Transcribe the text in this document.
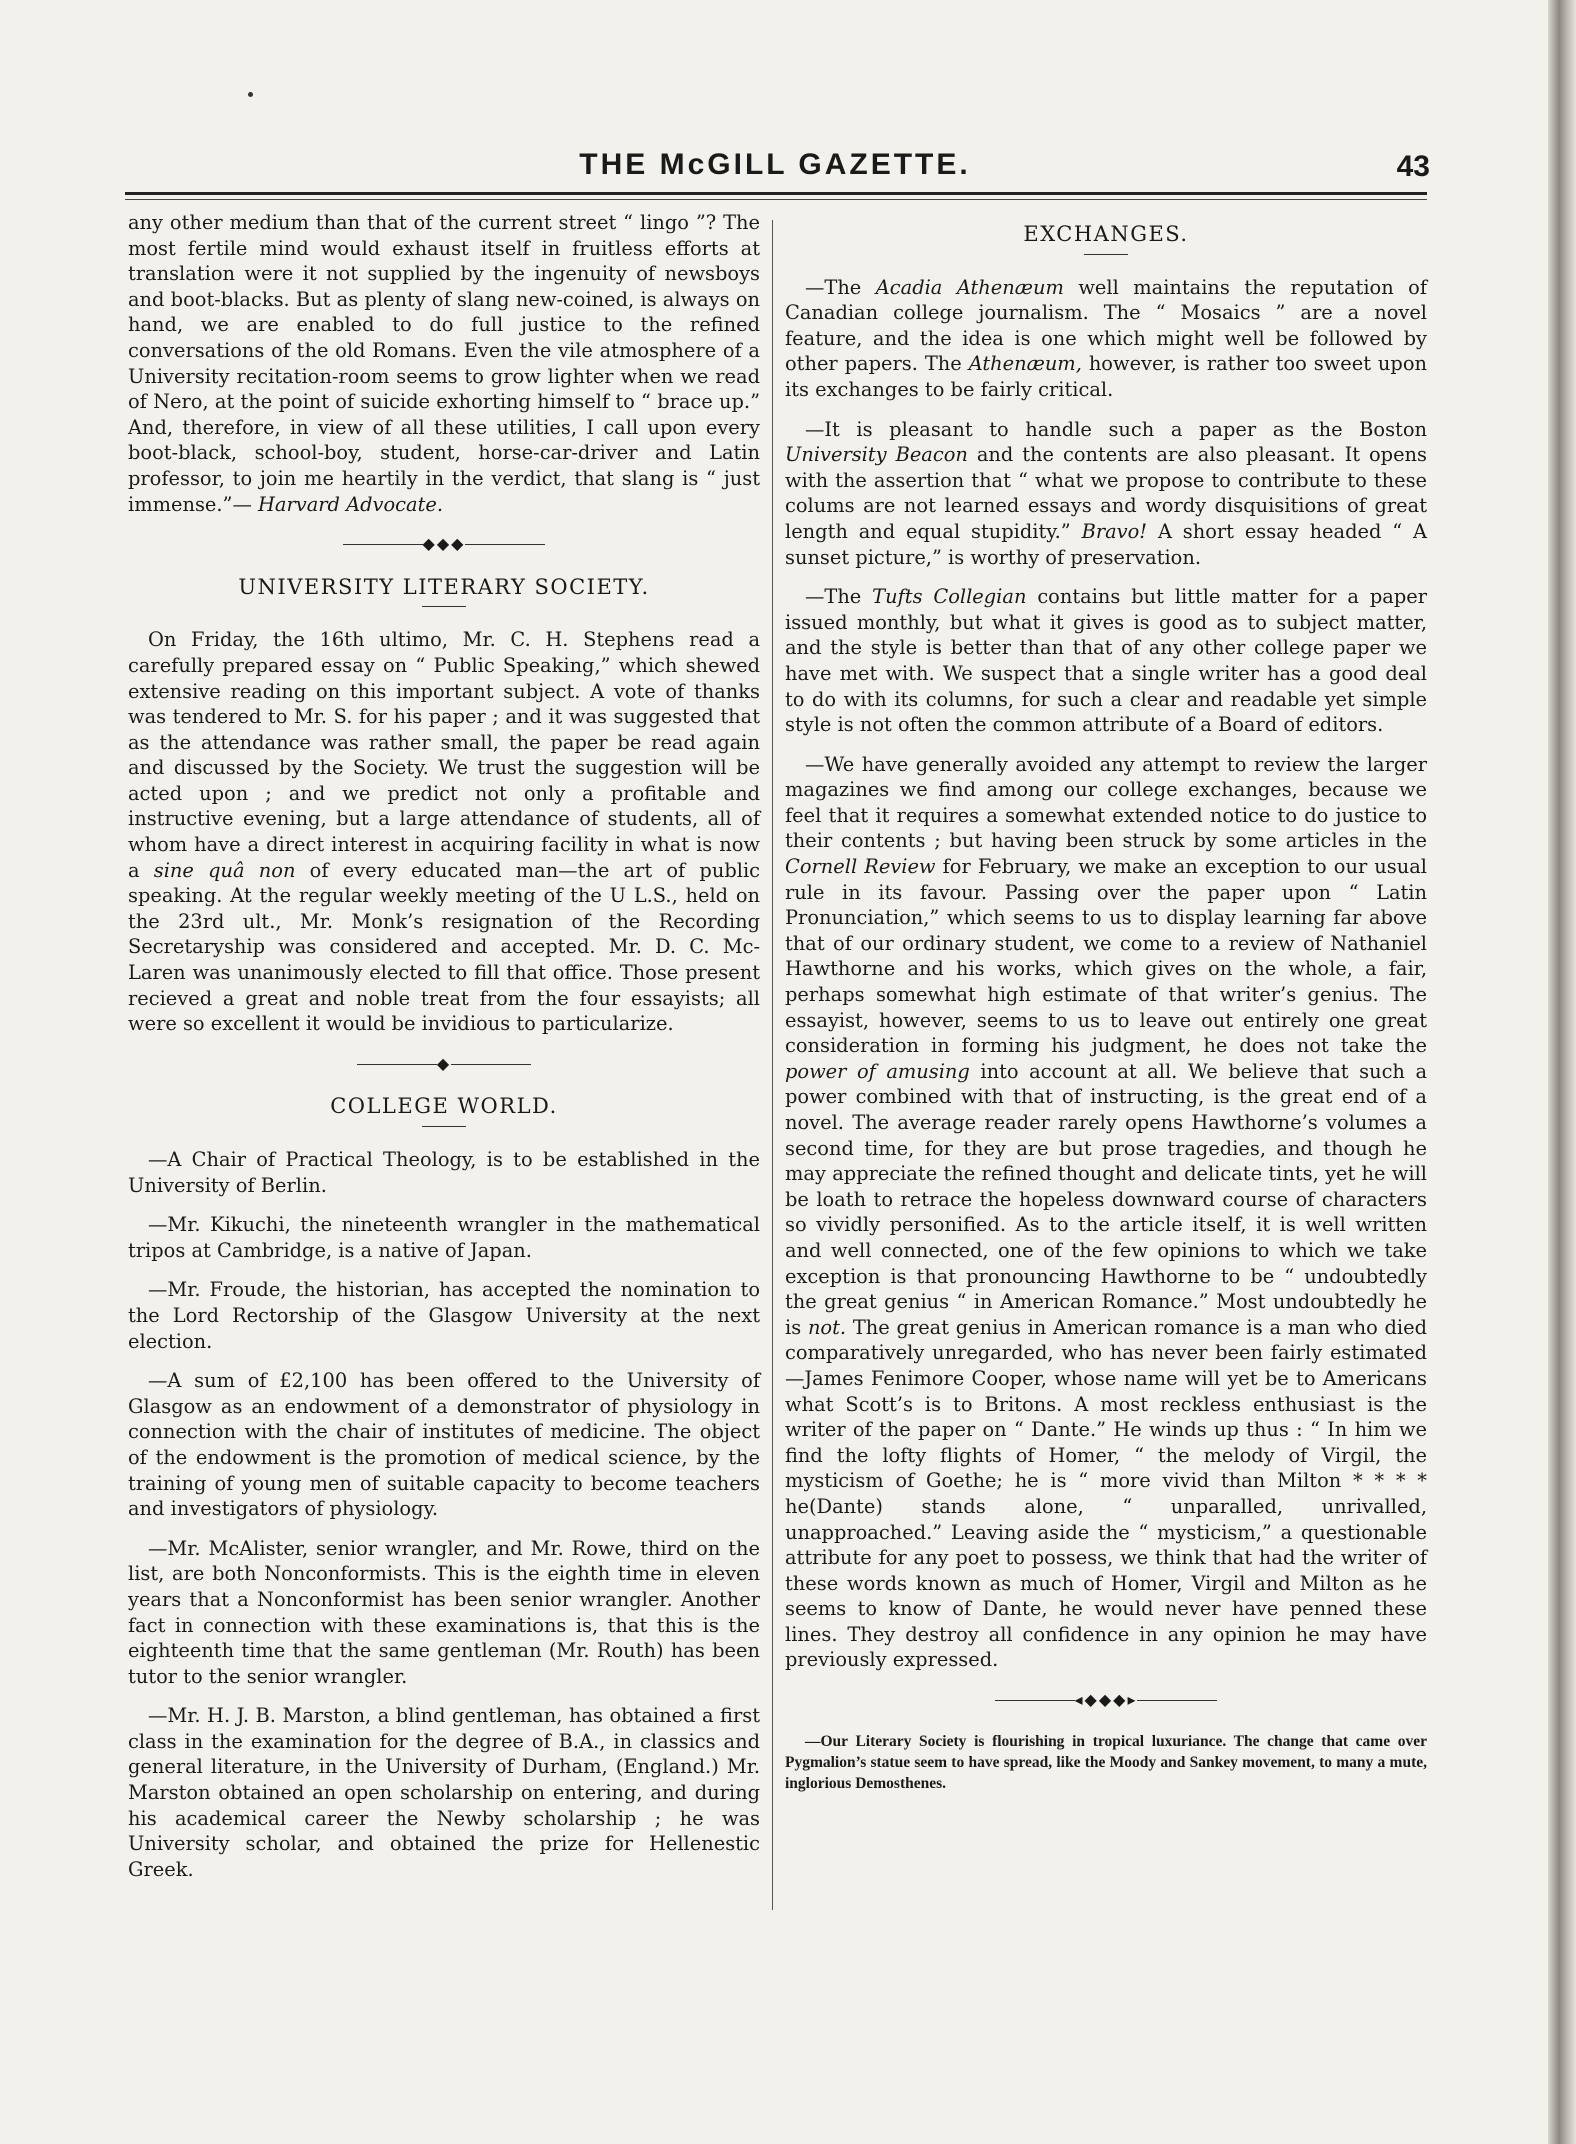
THE McGILL GAZETTE.	43

any other medium than that of the current street “ lingo ”? The most fertile mind would exhaust itself in fruitless efforts at translation were it not supplied by the ingenuity of newsboys and boot-blacks. But as plenty of slang new-coined, is always on hand, we are enabled to do full justice to the refined conversations of the old Romans. Even the vile atmosphere of a University recitation-room seems to grow lighter when we read of Nero, at the point of suicide exhorting himself to “ brace up.” And, therefore, in view of all these utilities, I call upon every boot-black, school-boy, student, horse-car-driver and Latin professor, to join me heartily in the verdict, that slang is “ just immense.”— Harvard Advocate.

◆◆◆
UNIVERSITY LITERARY SOCIETY.

On Friday, the 16th ultimo, Mr. C. H. Stephens read a carefully prepared essay on “ Public Speaking,” which shewed extensive reading on this important subject. A vote of thanks was tendered to Mr. S. for his paper ; and it was suggested that as the attendance was rather small, the paper be read again and discussed by the Society. We trust the suggestion will be acted upon ; and we predict not only a profitable and instructive evening, but a large attendance of students, all of whom have a direct interest in acquiring facility in what is now a sine quâ non of every educated man—the art of public speaking. At the regular weekly meeting of the U L.S., held on the 23rd ult., Mr. Monk’s resignation of the Recording Secretaryship was considered and accepted. Mr. D. C. Mc-Laren was unanimously elected to fill that office. Those present recieved a great and noble treat from the four essayists; all were so excellent it would be invidious to particularize.

◆
COLLEGE WORLD.

—A Chair of Practical Theology, is to be established in the University of Berlin.

—Mr. Kikuchi, the nineteenth wrangler in the mathematical tripos at Cambridge, is a native of Japan.

—Mr. Froude, the historian, has accepted the nomination to the Lord Rectorship of the Glasgow University at the next election.

—A sum of £2,100 has been offered to the University of Glasgow as an endowment of a demonstrator of physiology in connection with the chair of institutes of medicine. The object of the endowment is the promotion of medical science, by the training of young men of suitable capacity to become teachers and investigators of physiology.

—Mr. McAlister, senior wrangler, and Mr. Rowe, third on the list, are both Nonconformists. This is the eighth time in eleven years that a Nonconformist has been senior wrangler. Another fact in connection with these examinations is, that this is the eighteenth time that the same gentleman (Mr. Routh) has been tutor to the senior wrangler.

—Mr. H. J. B. Marston, a blind gentleman, has obtained a first class in the examination for the degree of B.A., in classics and general literature, in the University of Durham, (England.) Mr. Marston obtained an open scholarship on entering, and during his academical career the Newby scholarship ; he was University scholar, and obtained the prize for Hellenestic Greek.

EXCHANGES.

—The Acadia Athenæum well maintains the reputation of Canadian college journalism. The “ Mosaics ” are a novel feature, and the idea is one which might well be followed by other papers. The Athenæum, however, is rather too sweet upon its exchanges to be fairly critical.

—It is pleasant to handle such a paper as the Boston University Beacon and the contents are also pleasant. It opens with the assertion that “ what we propose to contribute to these colums are not learned essays and wordy disquisitions of great length and equal stupidity.” Bravo! A short essay headed “ A sunset picture,” is worthy of preservation.

—The Tufts Collegian contains but little matter for a paper issued monthly, but what it gives is good as to subject matter, and the style is better than that of any other college paper we have met with. We suspect that a single writer has a good deal to do with its columns, for such a clear and readable yet simple style is not often the common attribute of a Board of editors.

—We have generally avoided any attempt to review the larger magazines we find among our college exchanges, because we feel that it requires a somewhat extended notice to do justice to their contents ; but having been struck by some articles in the Cornell Review for February, we make an exception to our usual rule in its favour. Passing over the paper upon “ Latin Pronunciation,” which seems to us to display learning far above that of our ordinary student, we come to a review of Nathaniel Hawthorne and his works, which gives on the whole, a fair, perhaps somewhat high estimate of that writer’s genius. The essayist, however, seems to us to leave out entirely one great consideration in forming his judgment, he does not take the power of amusing into account at all. We believe that such a power combined with that of instructing, is the great end of a novel. The average reader rarely opens Hawthorne’s volumes a second time, for they are but prose tragedies, and though he may appreciate the refined thought and delicate tints, yet he will be loath to retrace the hopeless downward course of characters so vividly personified. As to the article itself, it is well written and well connected, one of the few opinions to which we take exception is that pronouncing Hawthorne to be “ undoubtedly the great genius “ in American Romance.” Most undoubtedly he is not. The great genius in American romance is a man who died comparatively unregarded, who has never been fairly estimated—James Fenimore Cooper, whose name will yet be to Americans what Scott’s is to Britons. A most reckless enthusiast is the writer of the paper on “ Dante.” He winds up thus : “ In him we find the lofty flights of Homer, “ the melody of Virgil, the mysticism of Goethe; he is “ more vivid than Milton * * * * he(Dante) stands alone, “ unparalled, unrivalled, unapproached.” Leaving aside the “ mysticism,” a questionable attribute for any poet to possess, we think that had the writer of these words known as much of Homer, Virgil and Milton as he seems to know of Dante, he would never have penned these lines. They destroy all confidence in any opinion he may have previously expressed.

◂◆◆◆▸

—Our Literary Society is flourishing in tropical luxuriance. The change that came over Pygmalion’s statue seem to have spread, like the Moody and Sankey movement, to many a mute, inglorious Demosthenes.
